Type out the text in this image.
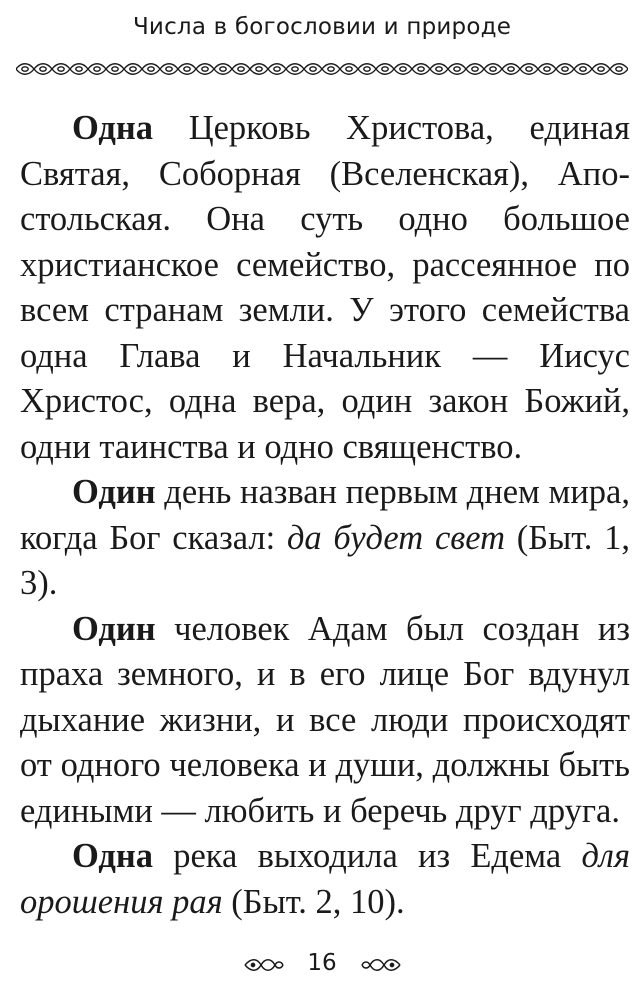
Числа в богословии и природе

Одна Церковь Христова, единая Святая, Соборная (Вселенская), Апостольская. Она суть одно большое христианское семейство, рассеянное по всем странам земли. У этого семейства одна Глава и Начальник — Иисус Христос, одна вера, один закон Божий, одни таинства и одно священство.

Один день назван первым днем мира, когда Бог сказал: да будет свет (Быт. 1, 3).

Один человек Адам был создан из праха земного, и в его лице Бог вдунул дыхание жизни, и все люди происходят от одного человека и души, должны быть едиными — любить и беречь друг друга.

Одна река выходила из Едема для орошения рая (Быт. 2, 10).

16
